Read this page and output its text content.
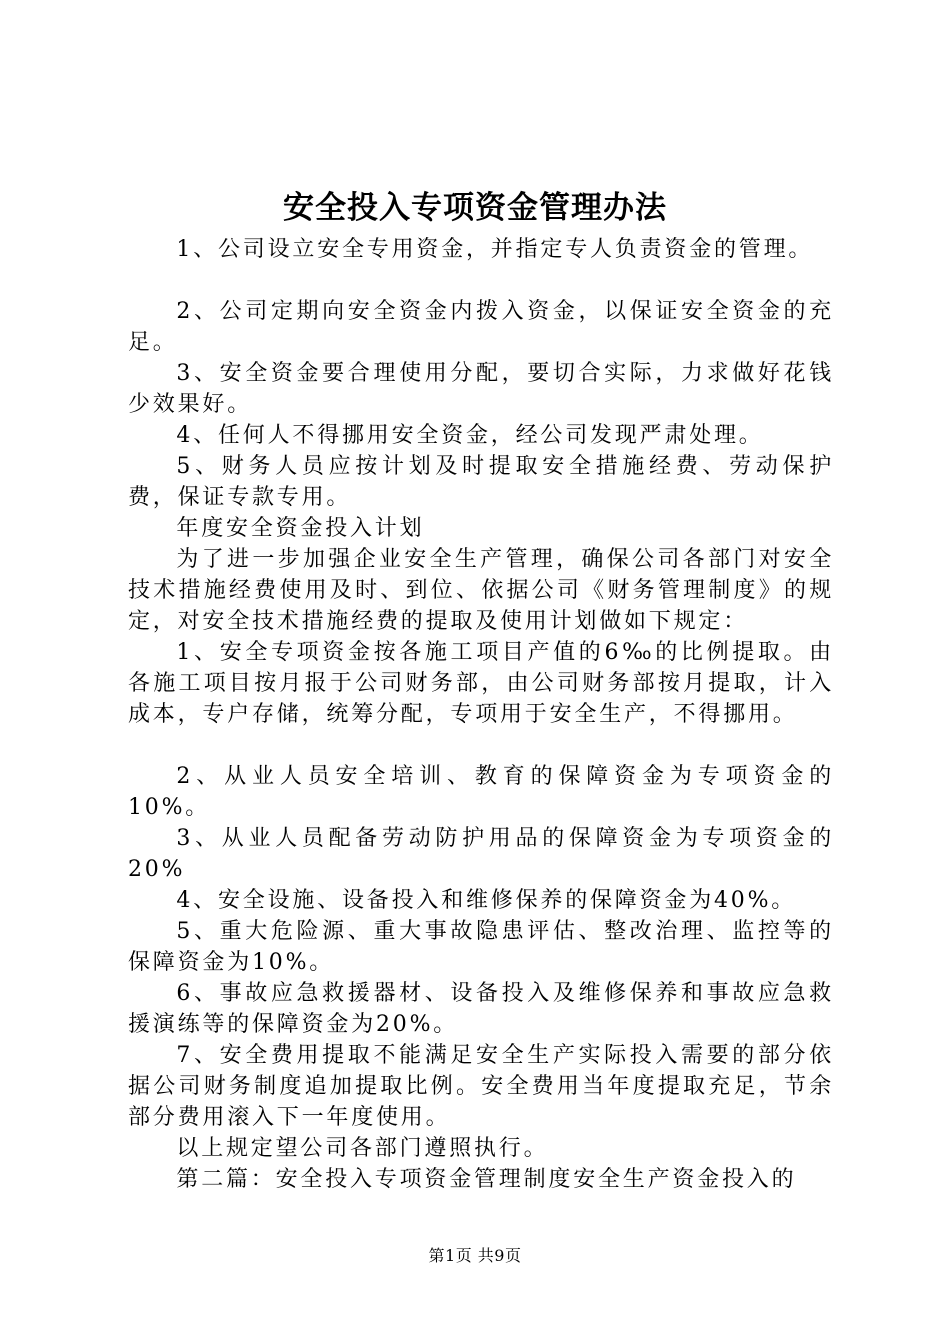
安全投入专项资金管理办法

1、公司设立安全专用资金，并指定专人负责资金的管理。

2、公司定期向安全资金内拨入资金，以保证安全资金的充足。

3、安全资金要合理使用分配，要切合实际，力求做好花钱少效果好。

4、任何人不得挪用安全资金，经公司发现严肃处理。

5、财务人员应按计划及时提取安全措施经费、劳动保护费，保证专款专用。

年度安全资金投入计划

为了进一步加强企业安全生产管理，确保公司各部门对安全技术措施经费使用及时、到位、依据公司《财务管理制度》的规定，对安全技术措施经费的提取及使用计划做如下规定：

1、安全专项资金按各施工项目产值的6‰的比例提取。由各施工项目按月报于公司财务部，由公司财务部按月提取，计入成本，专户存储，统筹分配，专项用于安全生产，不得挪用。

2、从业人员安全培训、教育的保障资金为专项资金的10%。

3、从业人员配备劳动防护用品的保障资金为专项资金的20%

4、安全设施、设备投入和维修保养的保障资金为40%。

5、重大危险源、重大事故隐患评估、整改治理、监控等的保障资金为10%。

6、事故应急救援器材、设备投入及维修保养和事故应急救援演练等的保障资金为20%。

7、安全费用提取不能满足安全生产实际投入需要的部分依据公司财务制度追加提取比例。安全费用当年度提取充足，节余部分费用滚入下一年度使用。

以上规定望公司各部门遵照执行。

第二篇：安全投入专项资金管理制度安全生产资金投入的

第1页 共9页
